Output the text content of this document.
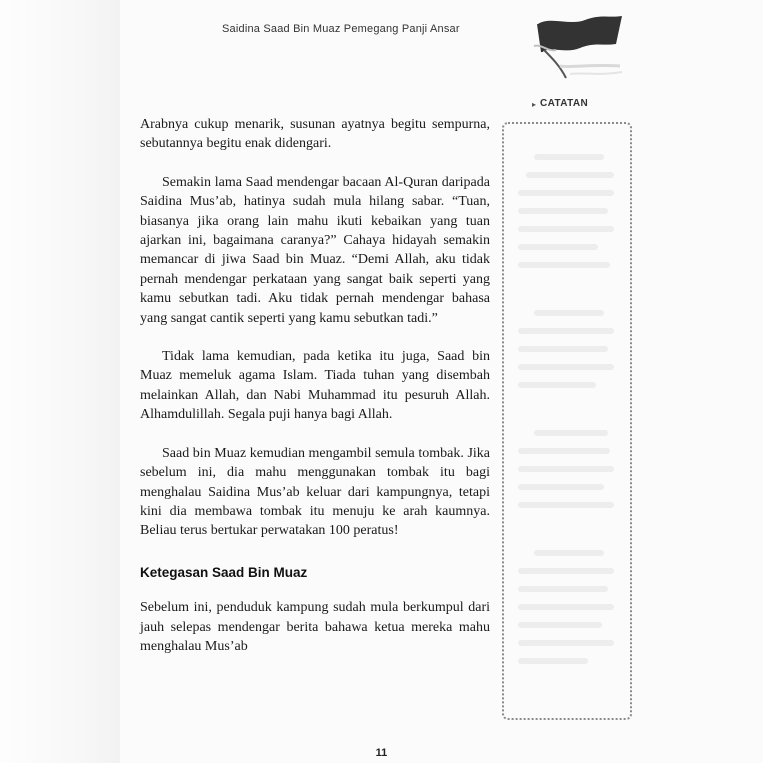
Saidina Saad Bin Muaz Pemegang Panji Ansar
▸ CATATAN

Arabnya cukup menarik, susunan ayatnya begitu sempurna, sebutannya begitu enak didengari.

Semakin lama Saad mendengar bacaan Al-Quran daripada Saidina Mus’ab, hatinya sudah mula hilang sabar. “Tuan, biasanya jika orang lain mahu ikuti kebaikan yang tuan ajarkan ini, bagaimana caranya?” Cahaya hidayah semakin memancar di jiwa Saad bin Muaz. “Demi Allah, aku tidak pernah mendengar perkataan yang sangat baik seperti yang kamu sebutkan tadi. Aku tidak pernah mendengar bahasa yang sangat cantik seperti yang kamu sebutkan tadi.”

Tidak lama kemudian, pada ketika itu juga, Saad bin Muaz memeluk agama Islam. Tiada tuhan yang disembah melainkan Allah, dan Nabi Muhammad itu pesuruh Allah. Alhamdulillah. Segala puji hanya bagi Allah.

Saad bin Muaz kemudian mengambil semula tombak. Jika sebelum ini, dia mahu menggunakan tombak itu bagi menghalau Saidina Mus’ab keluar dari kampungnya, tetapi kini dia membawa tombak itu menuju ke arah kaumnya. Beliau terus bertukar perwatakan 100 peratus!

Ketegasan Saad Bin Muaz

Sebelum ini, penduduk kampung sudah mula berkumpul dari jauh selepas mendengar berita bahawa ketua mereka mahu menghalau Mus’ab

11
